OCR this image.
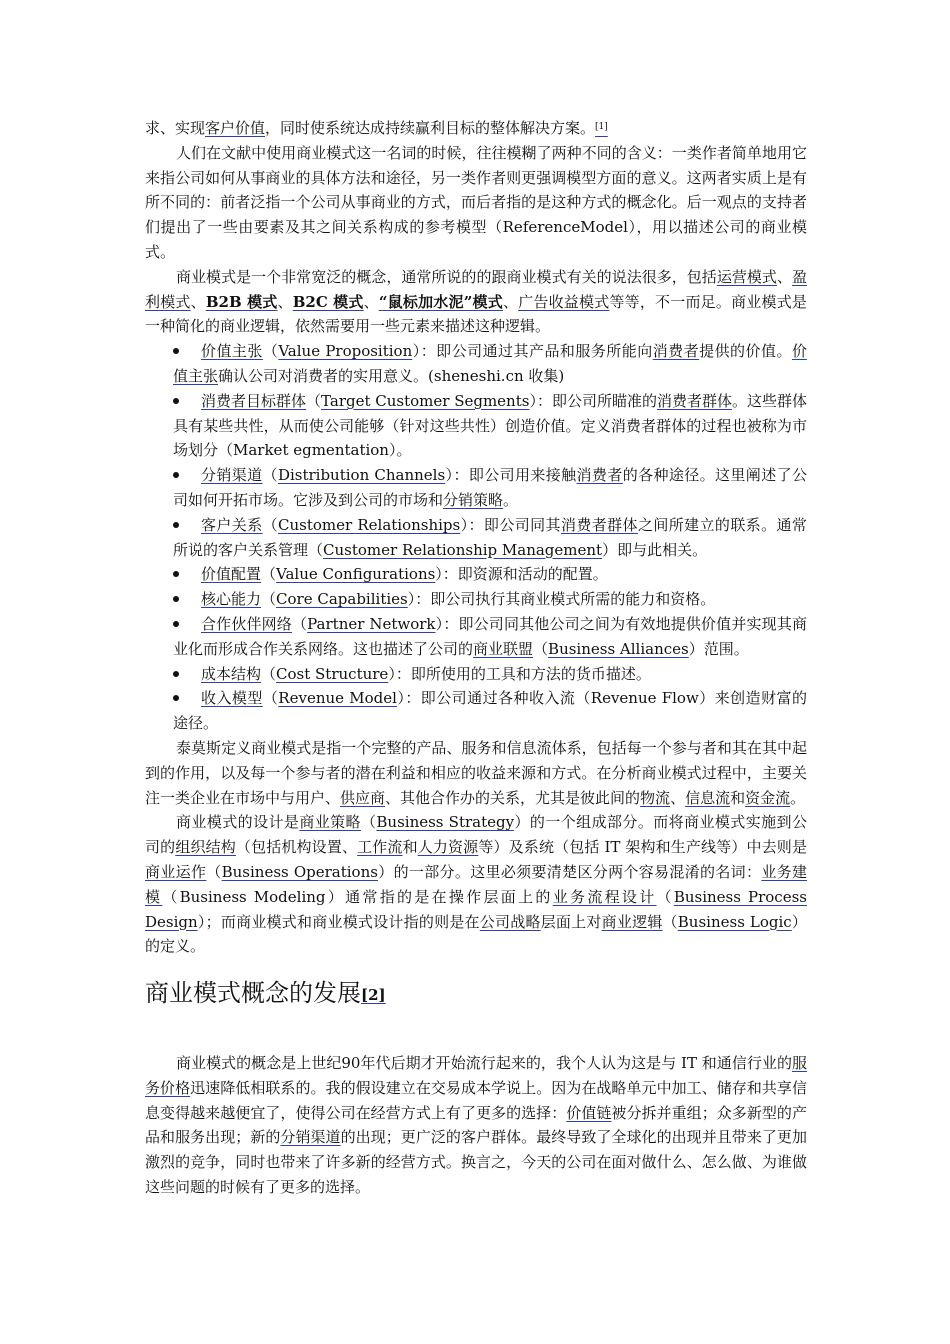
求、实现客户价值，同时使系统达成持续赢利目标的整体解决方案。[1]

人们在文献中使用商业模式这一名词的时候，往往模糊了两种不同的含义：一类作者简单地用它来指公司如何从事商业的具体方法和途径，另一类作者则更强调模型方面的意义。这两者实质上是有所不同的：前者泛指一个公司从事商业的方式，而后者指的是这种方式的概念化。后一观点的支持者们提出了一些由要素及其之间关系构成的参考模型（ReferenceModel），用以描述公司的商业模式。

商业模式是一个非常宽泛的概念，通常所说的的跟商业模式有关的说法很多，包括运营模式、盈利模式、B2B 模式、B2C 模式、“鼠标加水泥”模式、广告收益模式等等，不一而足。商业模式是一种简化的商业逻辑，依然需要用一些元素来描述这种逻辑。

价值主张（Value Proposition）：即公司通过其产品和服务所能向消费者提供的价值。价值主张确认公司对消费者的实用意义。(sheneshi.cn 收集)
消费者目标群体（Target Customer Segments）：即公司所瞄准的消费者群体。这些群体具有某些共性，从而使公司能够（针对这些共性）创造价值。定义消费者群体的过程也被称为市场划分（Market egmentation）。
分销渠道（Distribution Channels）：即公司用来接触消费者的各种途径。这里阐述了公司如何开拓市场。它涉及到公司的市场和分销策略。
客户关系（Customer Relationships）：即公司同其消费者群体之间所建立的联系。通常所说的客户关系管理（Customer Relationship Management）即与此相关。
价值配置（Value Configurations）：即资源和活动的配置。
核心能力（Core Capabilities）：即公司执行其商业模式所需的能力和资格。
合作伙伴网络（Partner Network）：即公司同其他公司之间为有效地提供价值并实现其商业化而形成合作关系网络。这也描述了公司的商业联盟（Business Alliances）范围。
成本结构（Cost Structure）：即所使用的工具和方法的货币描述。
收入模型（Revenue Model）：即公司通过各种收入流（Revenue Flow）来创造财富的途径。

泰莫斯定义商业模式是指一个完整的产品、服务和信息流体系，包括每一个参与者和其在其中起到的作用，以及每一个参与者的潜在利益和相应的收益来源和方式。在分析商业模式过程中，主要关注一类企业在市场中与用户、供应商、其他合作办的关系，尤其是彼此间的物流、信息流和资金流。

商业模式的设计是商业策略（Business Strategy）的一个组成部分。而将商业模式实施到公司的组织结构（包括机构设置、工作流和人力资源等）及系统（包括 IT 架构和生产线等）中去则是商业运作（Business Operations）的一部分。这里必须要清楚区分两个容易混淆的名词：业务建模（Business Modeling）通常指的是在操作层面上的业务流程设计（Business Process Design）；而商业模式和商业模式设计指的则是在公司战略层面上对商业逻辑（Business Logic）的定义。

商业模式概念的发展[2]

商业模式的概念是上世纪90年代后期才开始流行起来的，我个人认为这是与 IT 和通信行业的服务价格迅速降低相联系的。我的假设建立在交易成本学说上。因为在战略单元中加工、储存和共享信息变得越来越便宜了，使得公司在经营方式上有了更多的选择：价值链被分拆并重组；众多新型的产品和服务出现；新的分销渠道的出现；更广泛的客户群体。最终导致了全球化的出现并且带来了更加激烈的竞争，同时也带来了许多新的经营方式。换言之，今天的公司在面对做什么、怎么做、为谁做这些问题的时候有了更多的选择。
